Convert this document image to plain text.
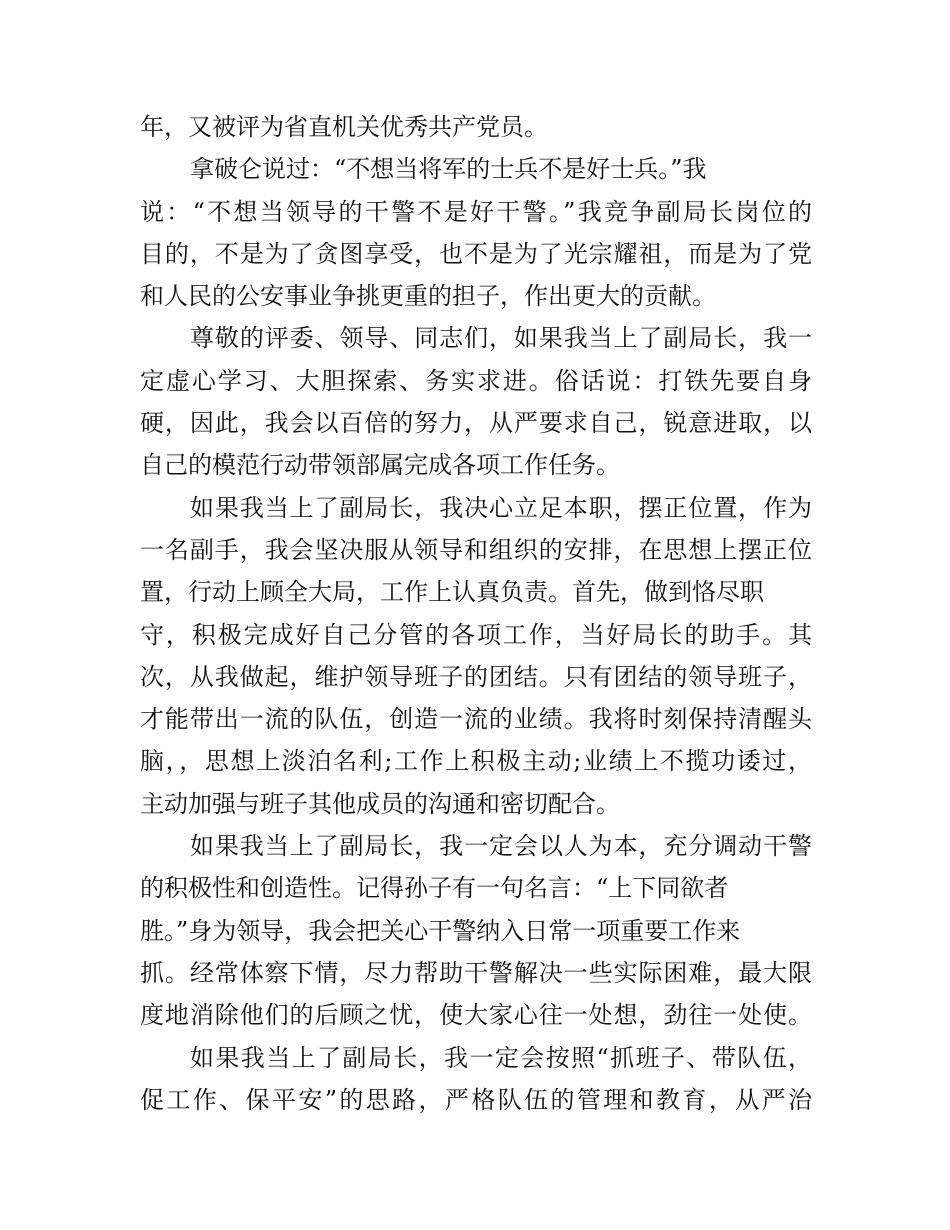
年，又被评为省直机关优秀共产党员。
拿破仑说过：“不想当将军的士兵不是好士兵。”我
说：“不想当领导的干警不是好干警。”我竞争副局长岗位的
目的，不是为了贪图享受，也不是为了光宗耀祖，而是为了党
和人民的公安事业争挑更重的担子，作出更大的贡献。
尊敬的评委、领导、同志们，如果我当上了副局长，我一
定虚心学习、大胆探索、务实求进。俗话说：打铁先要自身
硬，因此，我会以百倍的努力，从严要求自己，锐意进取，以
自己的模范行动带领部属完成各项工作任务。
如果我当上了副局长，我决心立足本职，摆正位置，作为
一名副手，我会坚决服从领导和组织的安排，在思想上摆正位
置，行动上顾全大局，工作上认真负责。首先，做到恪尽职
守，积极完成好自己分管的各项工作，当好局长的助手。其
次，从我做起，维护领导班子的团结。只有团结的领导班子，
才能带出一流的队伍，创造一流的业绩。我将时刻保持清醒头
脑，，思想上淡泊名利;工作上积极主动;业绩上不揽功诿过，
主动加强与班子其他成员的沟通和密切配合。
如果我当上了副局长，我一定会以人为本，充分调动干警
的积极性和创造性。记得孙子有一句名言：“上下同欲者
胜。”身为领导，我会把关心干警纳入日常一项重要工作来
抓。经常体察下情，尽力帮助干警解决一些实际困难，最大限
度地消除他们的后顾之忧，使大家心往一处想，劲往一处使。
如果我当上了副局长，我一定会按照“抓班子、带队伍，
促工作、保平安”的思路，严格队伍的管理和教育，从严治
